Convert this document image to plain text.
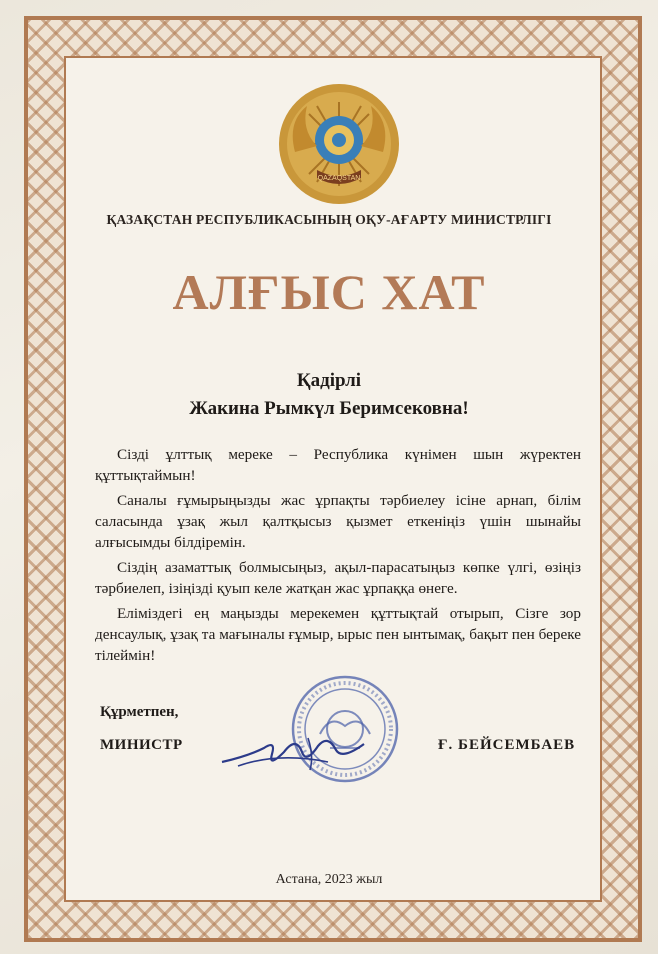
QAZAQSTAN
ҚАЗАҚСТАН РЕСПУБЛИКАСЫНЫҢ ОҚУ-АҒАРТУ МИНИСТРЛІГІ
АЛҒЫС ХАТ
Қадірлі
Жакина Рымкүл Беримсековна!

Сізді ұлттық мереке – Республика күнімен шын жүректен құттықтаймын!

Саналы ғұмырыңызды жас ұрпақты тәрбиелеу ісіне арнап, білім саласында ұзақ жыл қалтқысыз қызмет еткеніңіз үшін шынайы алғысымды білдіремін.

Сіздің азаматтық болмысыңыз, ақыл-парасатыңыз көпке үлгі, өзіңіз тәрбиелеп, ізіңізді қуып келе жатқан жас ұрпаққа өнеге.

Еліміздегі ең маңызды мерекемен құттықтай отырып, Сізге зор денсаулық, ұзақ та мағыналы ғұмыр, ырыс пен ынтымақ, бақыт пен береке тілеймін!

Құрметпен,
МИНИСТР	Ғ. БЕЙСЕМБАЕВ
Астана, 2023 жыл
